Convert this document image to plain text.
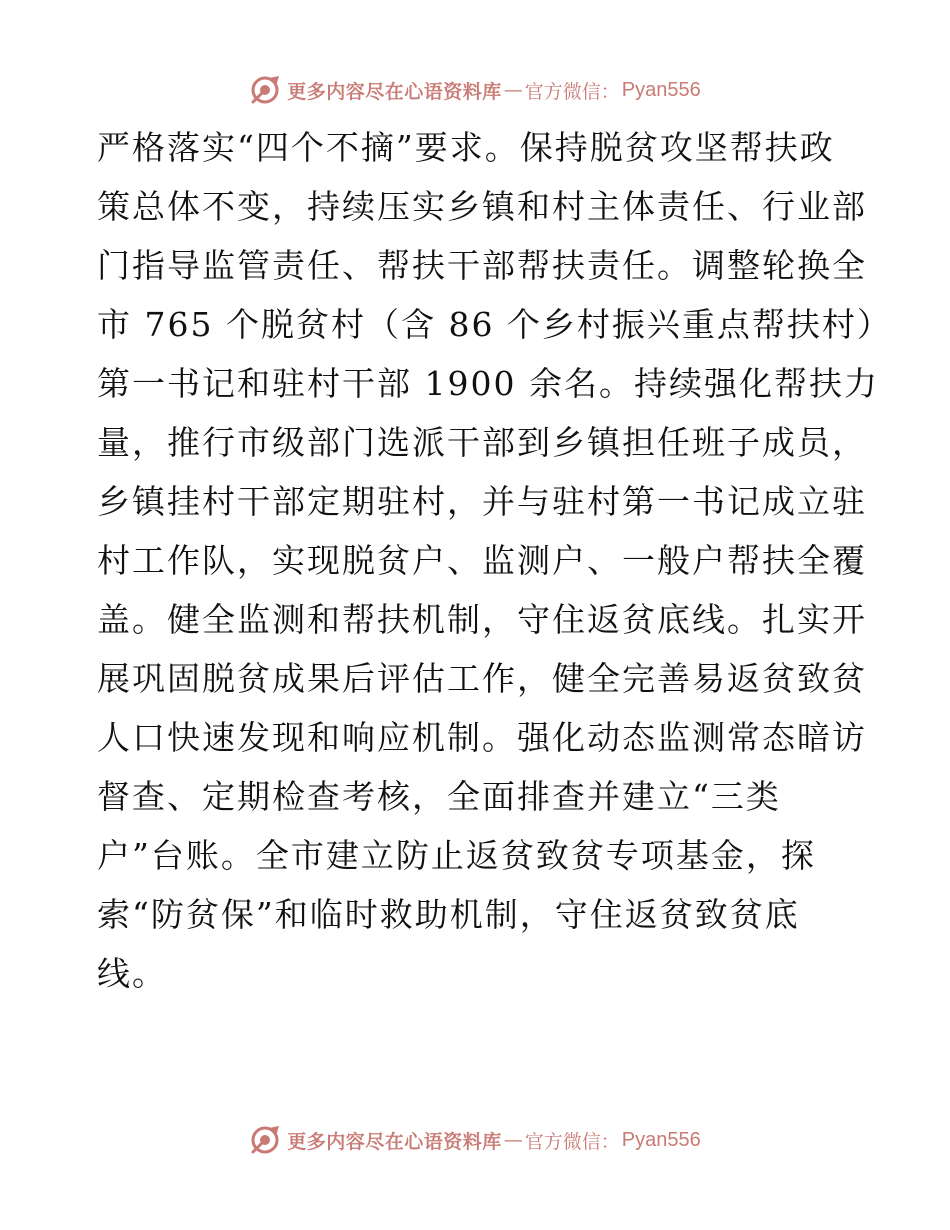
更多内容尽在心语资料库 — 官方微信： Pyan556
严格落实“四个不摘”要求。保持脱贫攻坚帮扶政
策总体不变，持续压实乡镇和村主体责任、行业部
门指导监管责任、帮扶干部帮扶责任。调整轮换全
市 765 个脱贫村（含 86 个乡村振兴重点帮扶村）
第一书记和驻村干部 1900 余名。持续强化帮扶力
量，推行市级部门选派干部到乡镇担任班子成员，
乡镇挂村干部定期驻村，并与驻村第一书记成立驻
村工作队，实现脱贫户、监测户、一般户帮扶全覆
盖。健全监测和帮扶机制，守住返贫底线。扎实开
展巩固脱贫成果后评估工作，健全完善易返贫致贫
人口快速发现和响应机制。强化动态监测常态暗访
督查、定期检查考核，全面排查并建立“三类
户”台账。全市建立防止返贫致贫专项基金，探
索“防贫保”和临时救助机制，守住返贫致贫底
线。
更多内容尽在心语资料库 — 官方微信： Pyan556
